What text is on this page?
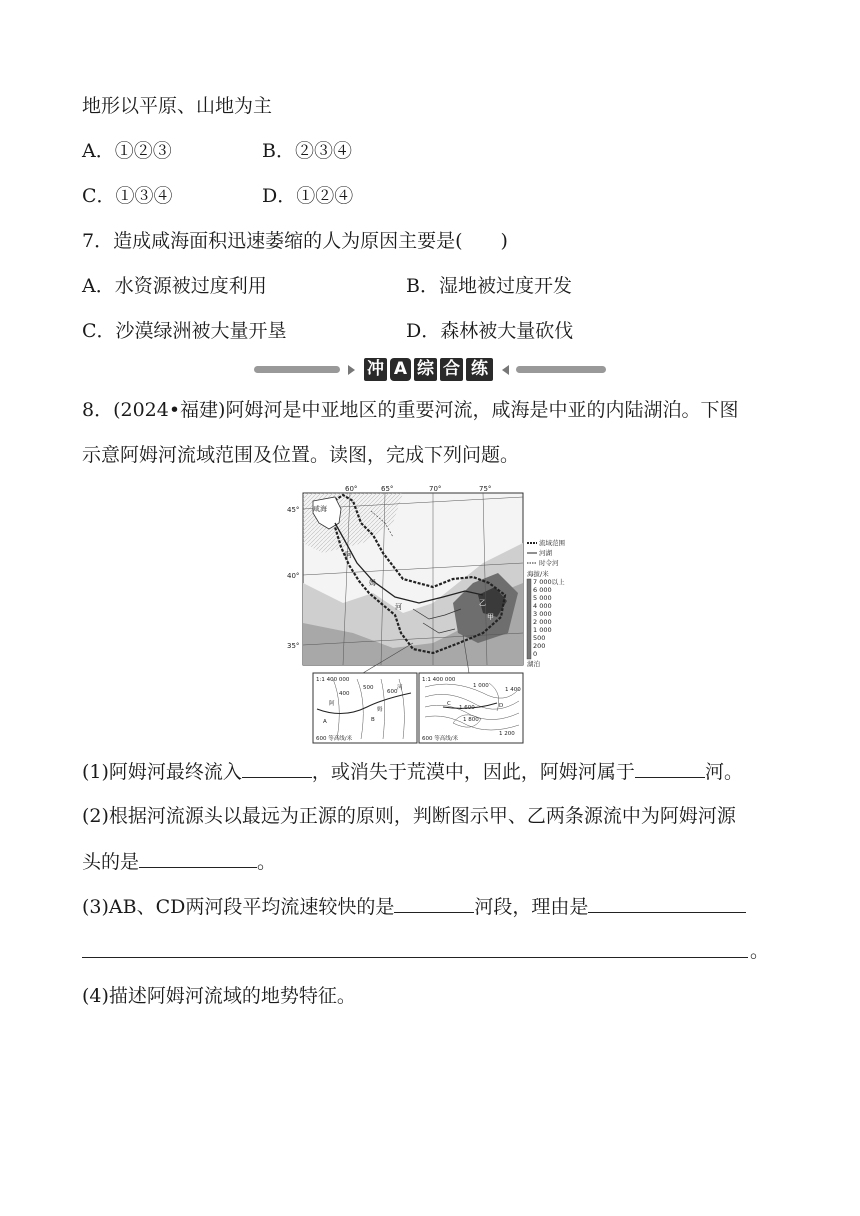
地形以平原、山地为主
A．①②③	B．②③④
C．①③④	D．①②④
7．造成咸海面积迅速萎缩的人为原因主要是(　　)
A．水资源被过度利用	B．湿地被过度开发
C．沙漠绿洲被大量开垦	D．森林被大量砍伐
冲 A 综 合 练
8．(2024•福建)阿姆河是中亚地区的重要河流，咸海是中亚的内陆湖泊。下图
示意阿姆河流域范围及位置。读图，完成下列问题。
60°	65°	70°	75°
45°
40°
35°
咸海
阿
姆
河	乙
甲
流域范围
河湖
时令河
海拔/米
7 000以上
6 000
5 000
4 000
3 000
2 000
1 000
500
200
0
湖泊
1:1 400 000
400
500
600
阿
姆
河
A	B
600 等高线/米
1:1 400 000
1 000
1 200
1 400
1 600
1 800
C	D
600 等高线/米
(1)阿姆河最终流入	，或消失于荒漠中，因此，阿姆河属于	河。
(2)根据河流源头以最远为正源的原则，判断图示甲、乙两条源流中为阿姆河源
头的是	。
(3)AB、CD两河段平均流速较快的是	河段，理由是
。
(4)描述阿姆河流域的地势特征。
